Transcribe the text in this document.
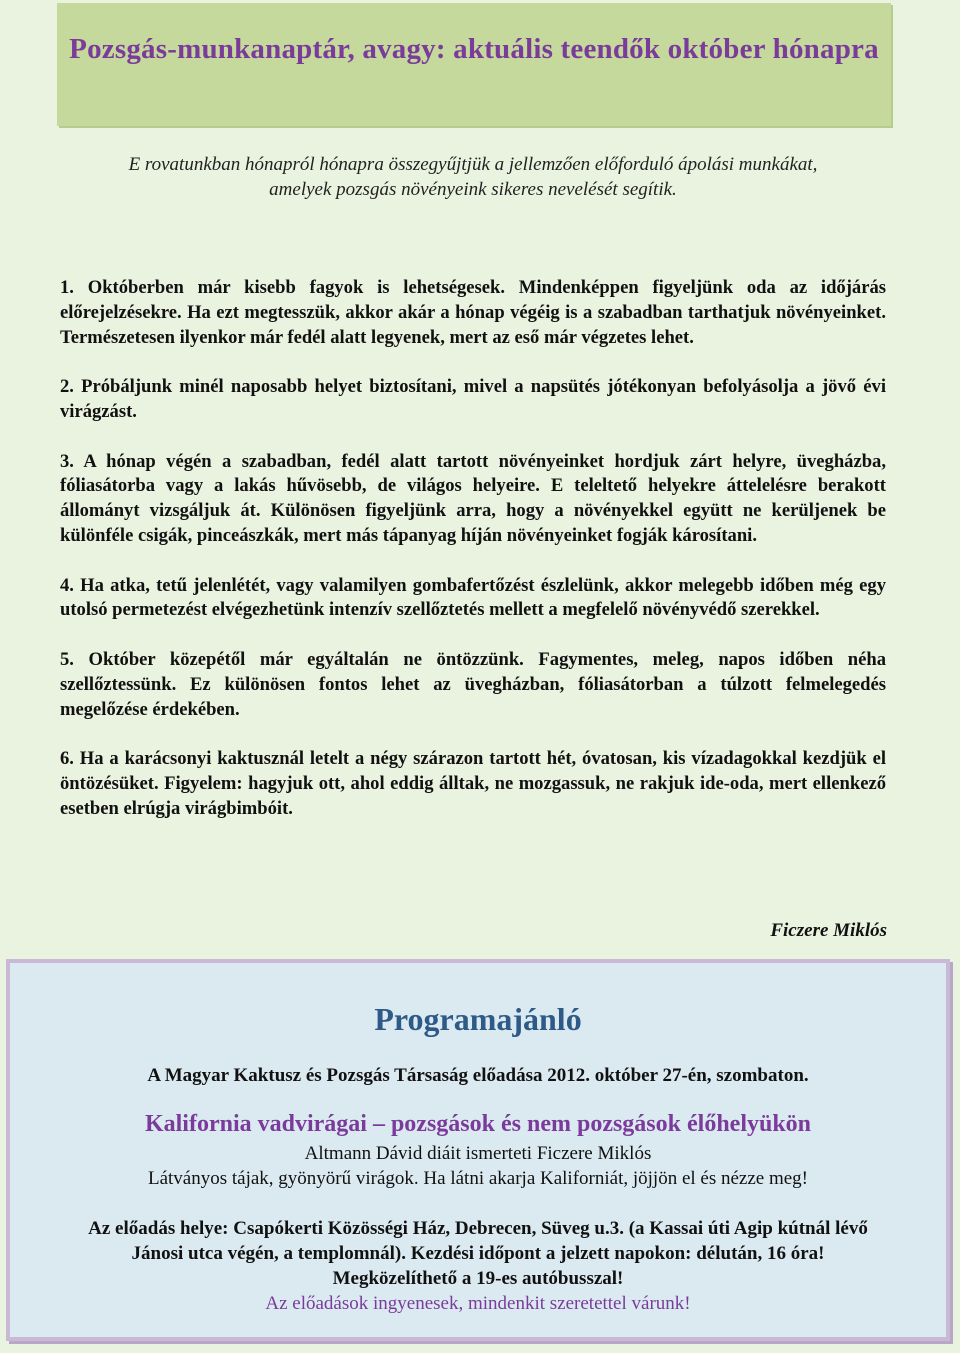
Pozsgás-munkanaptár, avagy: aktuális teendők október hónapra
E rovatunkban hónapról hónapra összegyűjtjük a jellemzően előforduló ápolási munkákat,
amelyek pozsgás növényeink sikeres nevelését segítik.

1. Októberben már kisebb fagyok is lehetségesek. Mindenképpen figyeljünk oda az időjárás előrejelzésekre. Ha ezt megtesszük, akkor akár a hónap végéig is a szabadban tarthatjuk növényeinket. Természetesen ilyenkor már fedél alatt legyenek, mert az eső már végzetes lehet.

2. Próbáljunk minél naposabb helyet biztosítani, mivel a napsütés jótékonyan befolyásolja a jövő évi virágzást.

3. A hónap végén a szabadban, fedél alatt tartott növényeinket hordjuk zárt helyre, üvegházba, fóliasátorba vagy a lakás hűvösebb, de világos helyeire. E teleltető helyekre áttelelésre berakott állományt vizsgáljuk át. Különösen figyeljünk arra, hogy a növényekkel együtt ne kerüljenek be különféle csigák, pinceászkák, mert más tápanyag híján növényeinket fogják károsítani.

4. Ha atka, tetű jelenlétét, vagy valamilyen gombafertőzést észlelünk, akkor melegebb időben még egy utolsó permetezést elvégezhetünk intenzív szellőztetés mellett a megfelelő növényvédő szerekkel.

5. Október közepétől már egyáltalán ne öntözzünk. Fagymentes, meleg, napos időben néha szellőztessünk. Ez különösen fontos lehet az üvegházban, fóliasátorban a túlzott felmelegedés megelőzése érdekében.

6. Ha a karácsonyi kaktusznál letelt a négy szárazon tartott hét, óvatosan, kis vízadagokkal kezdjük el öntözésüket. Figyelem: hagyjuk ott, ahol eddig álltak, ne mozgassuk, ne rakjuk ide-oda, mert ellenkező esetben elrúgja virágbimbóit.

Ficzere Miklós
Programajánló
A Magyar Kaktusz és Pozsgás Társaság előadása 2012. október 27-én, szombaton.
Kalifornia vadvirágai – pozsgások és nem pozsgások élőhelyükön
Altmann Dávid diáit ismerteti Ficzere Miklós
Látványos tájak, gyönyörű virágok. Ha látni akarja Kaliforniát, jöjjön el és nézze meg!
Az előadás helye: Csapókerti Közösségi Ház, Debrecen, Süveg u.3. (a Kassai úti Agip kútnál lévő
Jánosi utca végén, a templomnál). Kezdési időpont a jelzett napokon: délután, 16 óra!
Megközelíthető a 19-es autóbusszal!
Az előadások ingyenesek, mindenkit szeretettel várunk!
